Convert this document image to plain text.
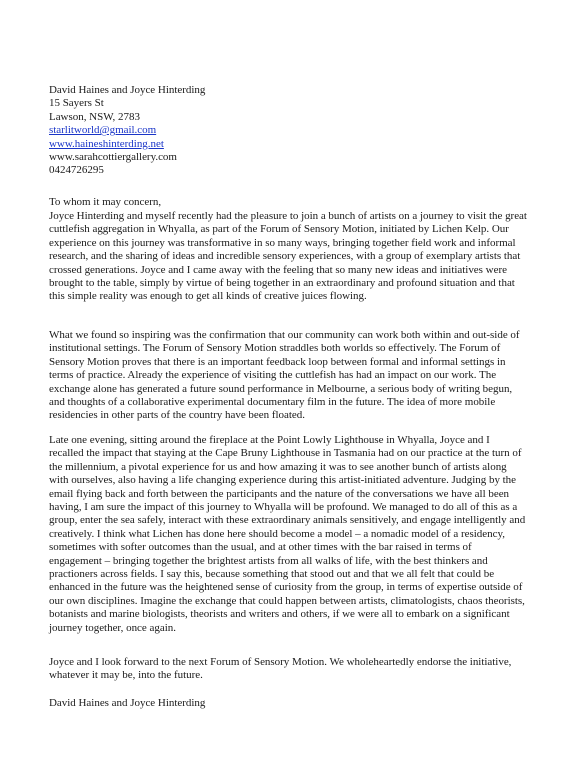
David Haines and Joyce Hinterding
15 Sayers St
Lawson, NSW, 2783
starlitworld@gmail.com
www.haineshinterding.net
www.sarahcottiergallery.com
0424726295
To whom it may concern,
Joyce Hinterding and myself recently had the pleasure to join a bunch of artists on a journey to visit the great cuttlefish aggregation in Whyalla, as part of the Forum of Sensory Motion, initiated by Lichen Kelp. Our experience on this journey was transformative in so many ways, bringing together field work and informal research, and the sharing of ideas and incredible sensory experiences, with a group of exemplary artists that crossed generations. Joyce and I came away with the feeling that so many new ideas and initiatives were brought to the table, simply by virtue of being together in an extraordinary and profound situation and that this simple reality was enough to get all kinds of creative juices flowing.
What we found so inspiring was the confirmation that our community can work both within and out-side of institutional settings. The Forum of Sensory Motion straddles both worlds so effectively. The Forum of Sensory Motion proves that there is an important feedback loop between formal and informal settings in terms of practice. Already the experience of visiting the cuttlefish has had an impact on our work. The exchange alone has generated a future sound performance in Melbourne, a serious body of writing begun, and thoughts of a collaborative experimental documentary film in the future. The idea of more mobile residencies in other parts of the country have been floated.
Late one evening, sitting around the fireplace at the Point Lowly Lighthouse in Whyalla, Joyce and I recalled the impact that staying at the Cape Bruny Lighthouse in Tasmania had on our practice at the turn of the millennium, a pivotal experience for us and how amazing it was to see another bunch of artists along with ourselves, also having a life changing experience during this artist-initiated adventure. Judging by the email flying back and forth between the participants and the nature of the conversations we have all been having, I am sure the impact of this journey to Whyalla will be profound. We managed to do all of this as a group, enter the sea safely, interact with these extraordinary animals sensitively, and engage intelligently and creatively. I think what Lichen has done here should become a model – a nomadic model of a residency, sometimes with softer outcomes than the usual, and at other times with the bar raised in terms of engagement – bringing together the brightest artists from all walks of life, with the best thinkers and practioners across fields. I say this, because something that stood out and that we all felt that could be enhanced in the future was the heightened sense of curiosity from the group, in terms of expertise outside of our own disciplines. Imagine the exchange that could happen between artists, climatologists, chaos theorists, botanists and marine biologists, theorists and writers and others, if we were all to embark on a significant journey together, once again.
Joyce and I look forward to the next Forum of Sensory Motion. We wholeheartedly endorse the initiative, whatever it may be, into the future.
David Haines and Joyce Hinterding
